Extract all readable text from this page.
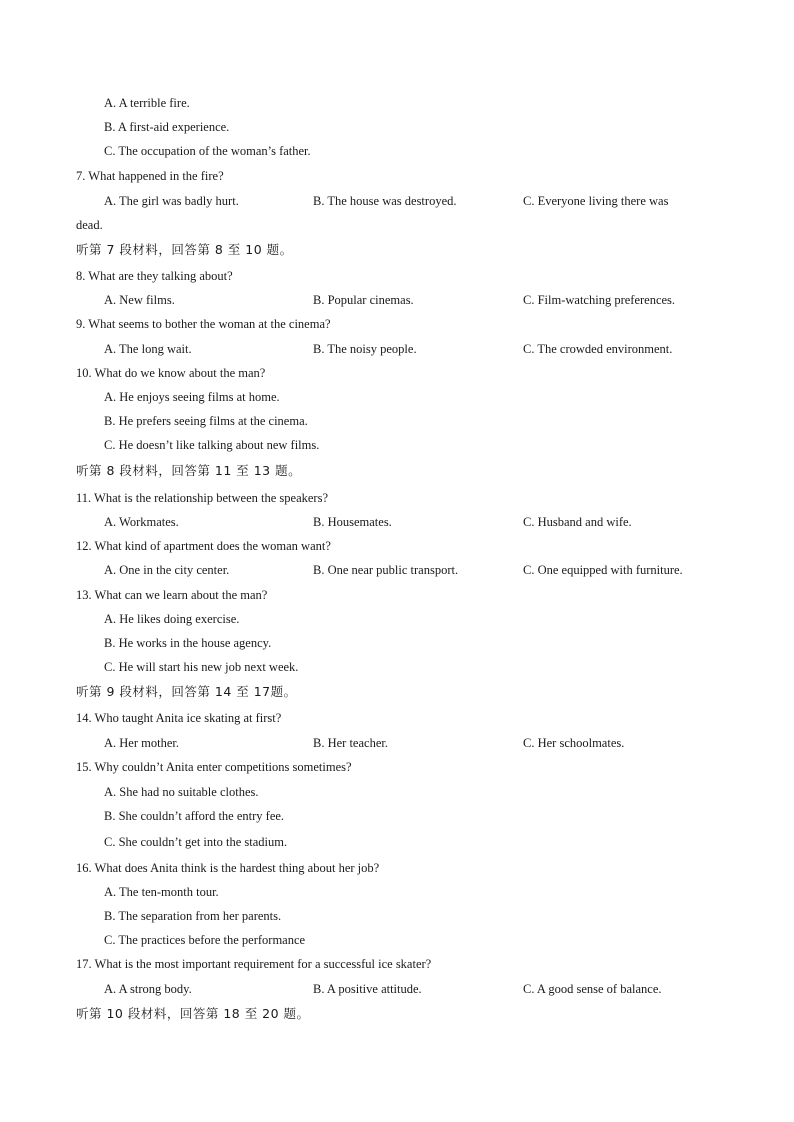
A. A terrible fire.
B. A first-aid experience.
C. The occupation of the woman’s father.
7. What happened in the fire?
A. The girl was badly hurt.	B. The house was destroyed.	C. Everyone living there was
dead.
听第 7 段材料，回答第 8 至 10 题。
8. What are they talking about?
A. New films.	B. Popular cinemas.	C. Film-watching preferences.
9. What seems to bother the woman at the cinema?
A. The long wait.	B. The noisy people.	C. The crowded environment.
10. What do we know about the man?
A. He enjoys seeing films at home.
B. He prefers seeing films at the cinema.
C. He doesn’t like talking about new films.
听第 8 段材料，回答第 11 至 13 题。
11. What is the relationship between the speakers?
A. Workmates.	B. Housemates.	C. Husband and wife.
12. What kind of apartment does the woman want?
A. One in the city center.	B. One near public transport.	C. One equipped with furniture.
13. What can we learn about the man?
A. He likes doing exercise.
B. He works in the house agency.
C. He will start his new job next week.
听第 9 段材料，回答第 14 至 17题。
14. Who taught Anita ice skating at first?
A. Her mother.	B. Her teacher.	C. Her schoolmates.
15. Why couldn’t Anita enter competitions sometimes?
A. She had no suitable clothes.
B. She couldn’t afford the entry fee.
C. She couldn’t get into the stadium.
16. What does Anita think is the hardest thing about her job?
A. The ten-month tour.
B. The separation from her parents.
C. The practices before the performance
17. What is the most important requirement for a successful ice skater?
A. A strong body.	B. A positive attitude.	C. A good sense of balance.
听第 10 段材料，回答第 18 至 20 题。
